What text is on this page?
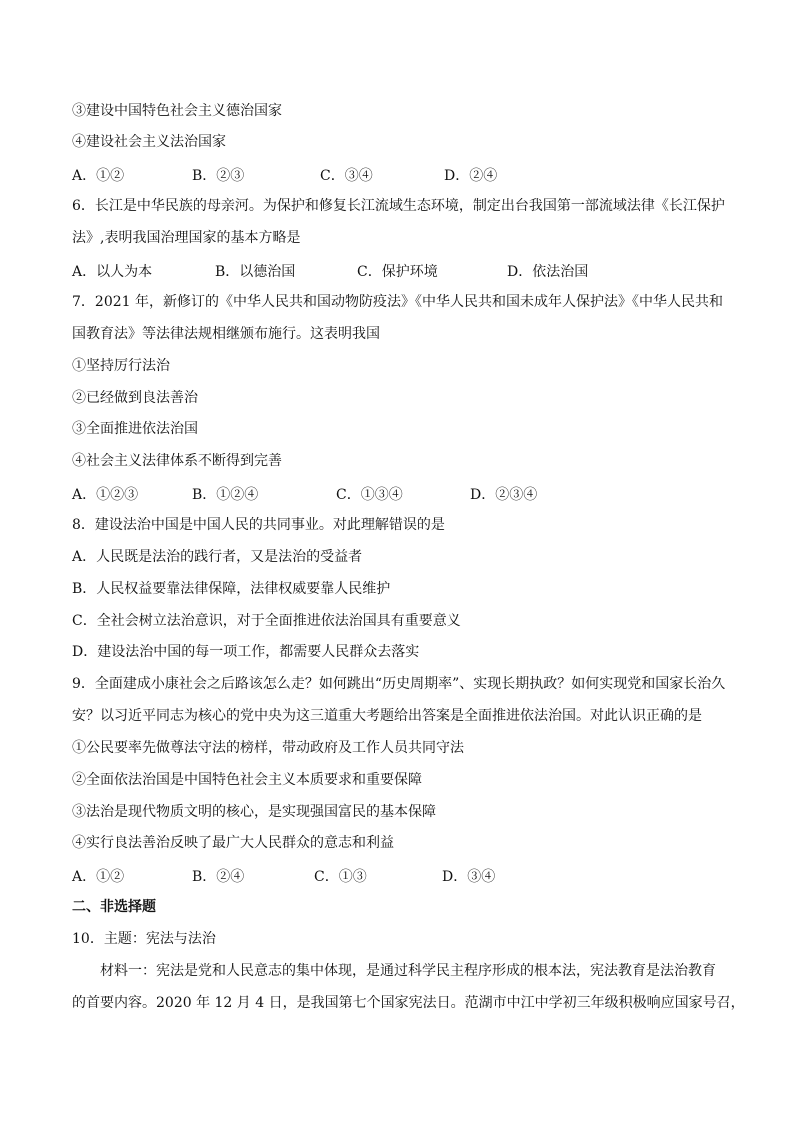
③建设中国特色社会主义德治国家
④建设社会主义法治国家
A．①②	B．②③	C．③④	D．②④
6．长江是中华民族的母亲河。为保护和修复长江流域生态环境，制定出台我国第一部流域法律《长江保护
法》,表明我国治理国家的基本方略是
A．以人为本	B．以德治国	C．保护环境	D．依法治国
7．2021 年，新修订的《中华人民共和国动物防疫法》《中华人民共和国未成年人保护法》《中华人民共和
国教育法》等法律法规相继颁布施行。这表明我国
①坚持厉行法治
②已经做到良法善治
③全面推进依法治国
④社会主义法律体系不断得到完善
A．①②③	B．①②④	C．①③④	D．②③④
8．建设法治中国是中国人民的共同事业。对此理解错误的是
A．人民既是法治的践行者，又是法治的受益者
B．人民权益要靠法律保障，法律权威要靠人民维护
C．全社会树立法治意识，对于全面推进依法治国具有重要意义
D．建设法治中国的每一项工作，都需要人民群众去落实
9．全面建成小康社会之后路该怎么走？如何跳出“历史周期率”、实现长期执政？如何实现党和国家长治久
安？以习近平同志为核心的党中央为这三道重大考题给出答案是全面推进依法治国。对此认识正确的是
①公民要率先做尊法守法的榜样，带动政府及工作人员共同守法
②全面依法治国是中国特色社会主义本质要求和重要保障
③法治是现代物质文明的核心，是实现强国富民的基本保障
④实行良法善治反映了最广大人民群众的意志和利益
A．①②	B．②④	C．①③	D．③④
二、非选择题
10．主题：宪法与法治
材料一：宪法是党和人民意志的集中体现，是通过科学民主程序形成的根本法，宪法教育是法治教育
的首要内容。2020 年 12 月 4 日，是我国第七个国家宪法日。范湖市中江中学初三年级积极响应国家号召，
